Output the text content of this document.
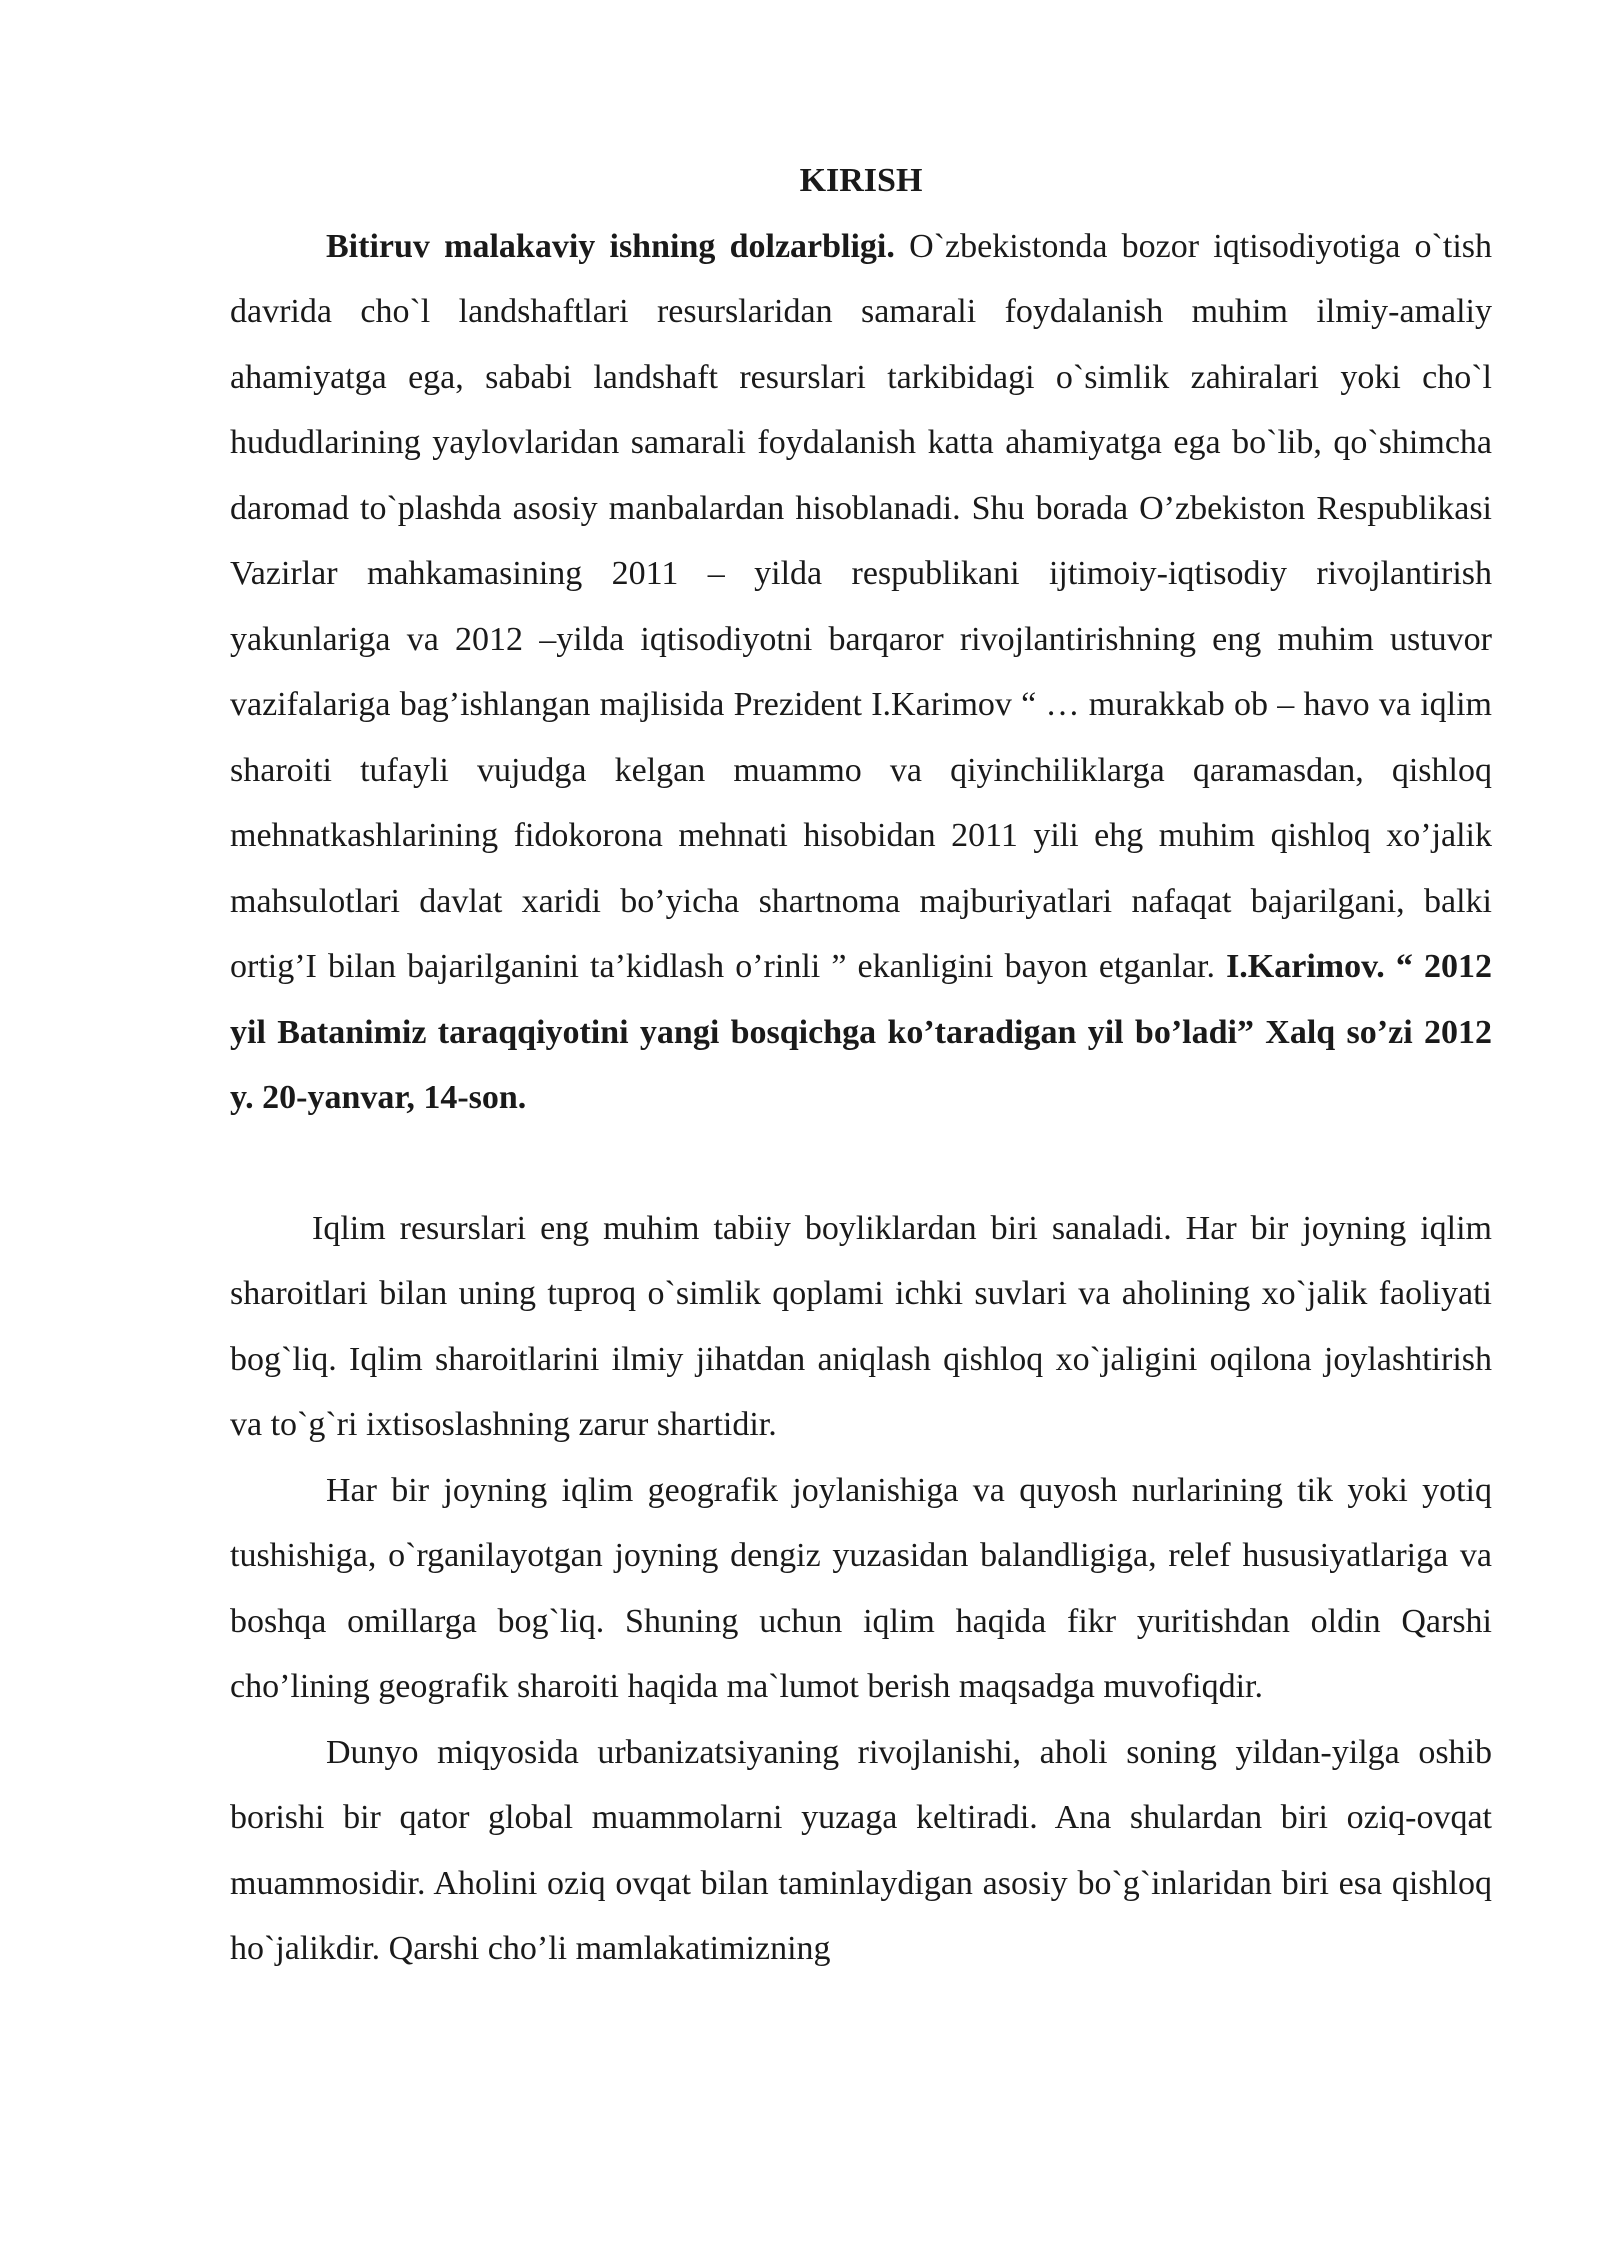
KIRISH

Bitiruv malakaviy ishning dolzarbligi. O`zbekistonda bozor iqtisodiyotiga o`tish davrida cho`l landshaftlari resurslaridan samarali foydalanish muhim ilmiy-amaliy ahamiyatga ega, sababi landshaft resurslari tarkibidagi o`simlik zahiralari yoki cho`l hududlarining yaylovlaridan samarali foydalanish katta ahamiyatga ega bo`lib, qo`shimcha daromad to`plashda asosiy manbalardan hisoblanadi. Shu borada O’zbekiston Respublikasi Vazirlar mahkamasining 2011 – yilda respublikani ijtimoiy-iqtisodiy rivojlantirish yakunlariga va 2012 –yilda iqtisodiyotni barqaror rivojlantirishning eng muhim ustuvor vazifalariga bag’ishlangan majlisida Prezident I.Karimov “ … murakkab ob – havo va iqlim sharoiti tufayli vujudga kelgan muammo va qiyinchiliklarga qaramasdan, qishloq mehnatkashlarining fidokorona mehnati hisobidan 2011 yili ehg muhim qishloq xo’jalik mahsulotlari davlat xaridi bo’yicha shartnoma majburiyatlari nafaqat bajarilgani, balki ortig’I bilan bajarilganini ta’kidlash o’rinli ” ekanligini bayon etganlar. I.Karimov. “ 2012 yil Batanimiz taraqqiyotini yangi bosqichga ko’taradigan yil bo’ladi” Xalq so’zi 2012 y. 20-yanvar, 14-son.

Iqlim resurslari eng muhim tabiiy boyliklardan biri sanaladi. Har bir joyning iqlim sharoitlari bilan uning tuproq o`simlik qoplami ichki suvlari va aholining xo`jalik faoliyati bog`liq. Iqlim sharoitlarini ilmiy jihatdan aniqlash qishloq xo`jaligini oqilona joylashtirish va to`g`ri ixtisoslashning zarur shartidir.

Har bir joyning iqlim geografik joylanishiga va quyosh nurlarining tik yoki yotiq tushishiga, o`rganilayotgan joyning dengiz yuzasidan balandligiga, relef hususiyatlariga va boshqa omillarga bog`liq. Shuning uchun iqlim haqida fikr yuritishdan oldin Qarshi cho’lining geografik sharoiti haqida ma`lumot berish maqsadga muvofiqdir.

Dunyo miqyosida urbanizatsiyaning rivojlanishi, aholi soning yildan-yilga oshib borishi bir qator global muammolarni yuzaga keltiradi. Ana shulardan biri oziq-ovqat muammosidir. Aholini oziq ovqat bilan taminlaydigan asosiy bo`g`inlaridan biri esa qishloq ho`jalikdir. Qarshi cho’li mamlakatimizning
